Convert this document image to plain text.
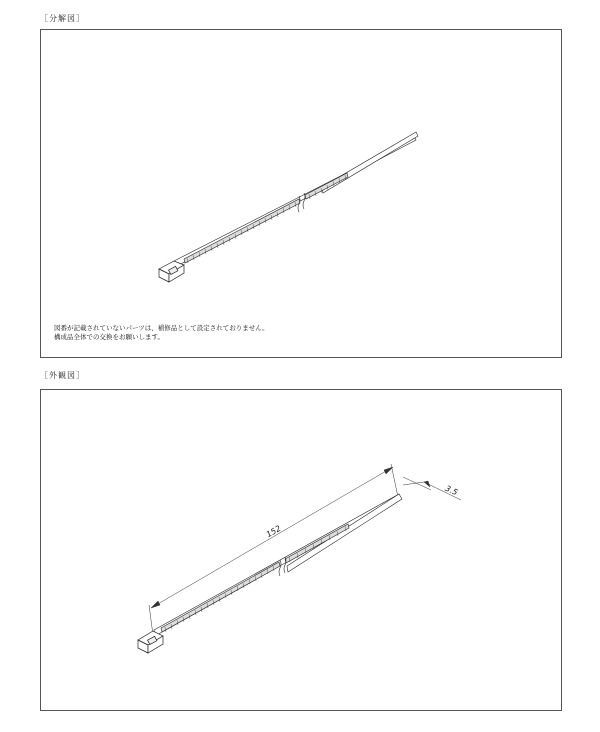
［分解図］
図番が記載されていないパーツは、補修品として設定されておりません。
構成品全体での交換をお願いします。
［外観図］
152
3.5
